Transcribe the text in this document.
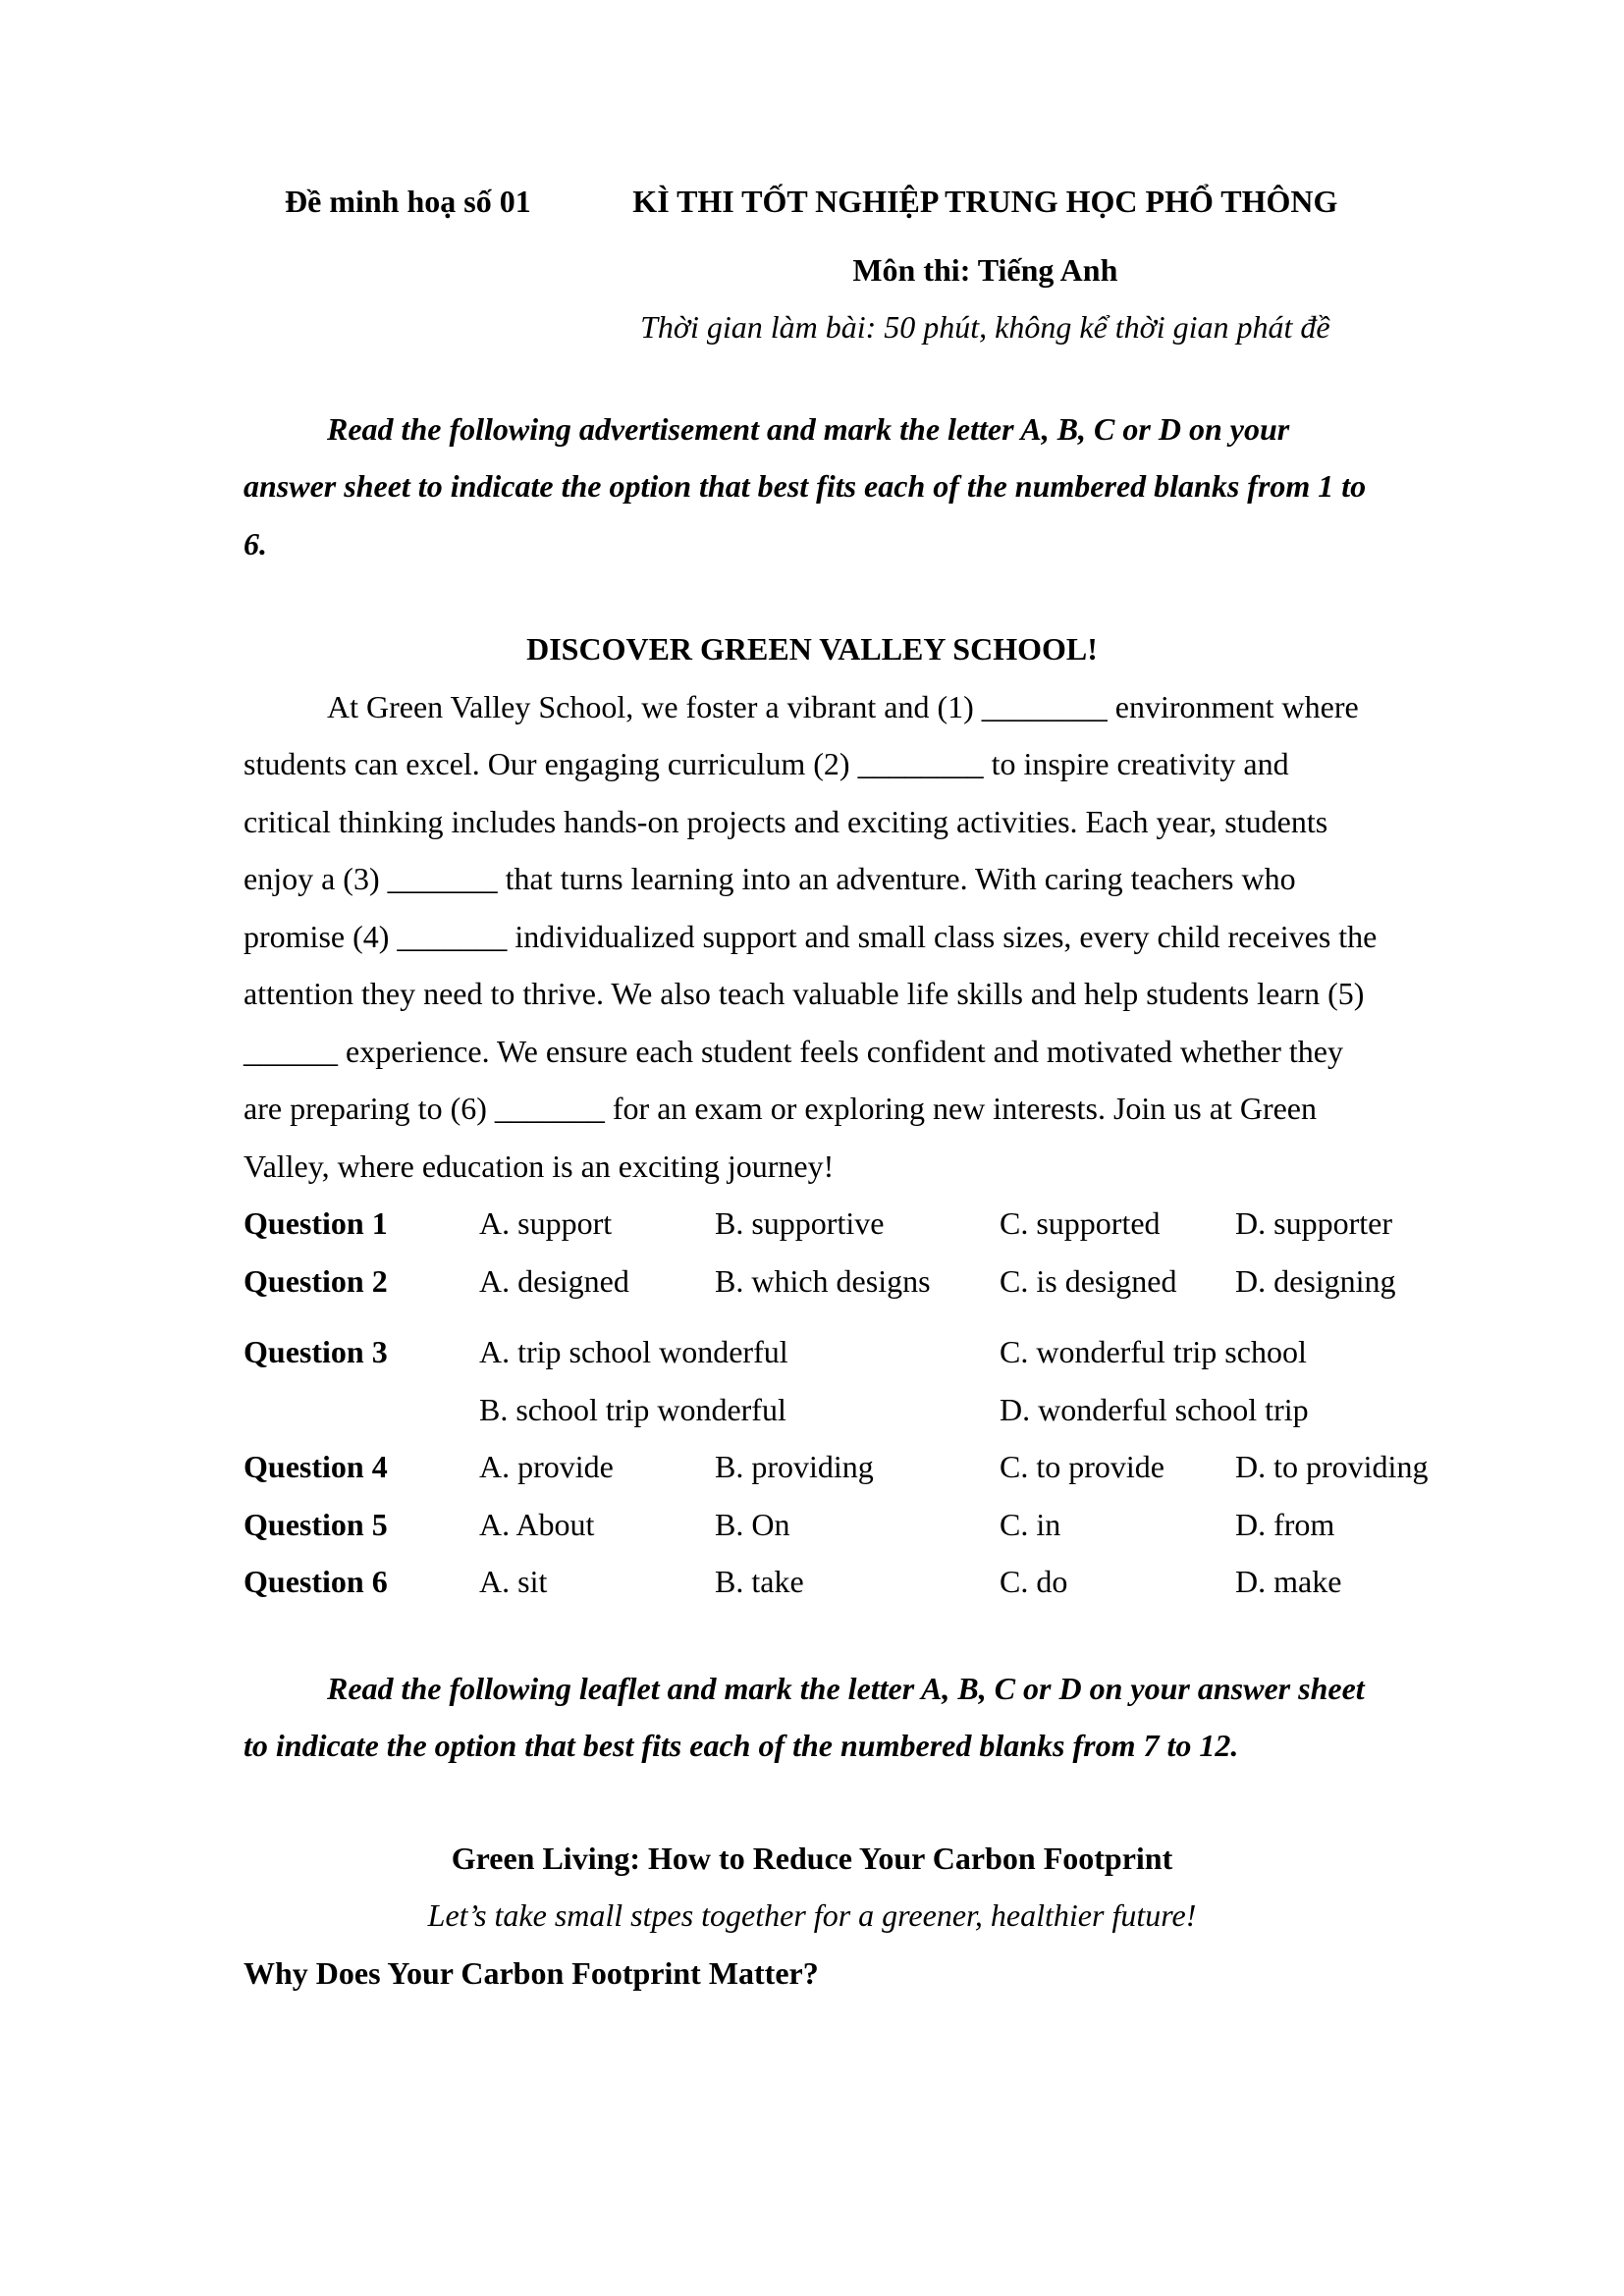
Đề minh hoạ số 01	KÌ THI TỐT NGHIỆP TRUNG HỌC PHỔ THÔNG
Môn thi: Tiếng Anh
Thời gian làm bài: 50 phút, không kể thời gian phát đề

Read the following advertisement and mark the letter A, B, C or D on your answer sheet to indicate the option that best fits each of the numbered blanks from 1 to 6.

DISCOVER GREEN VALLEY SCHOOL!

At Green Valley School, we foster a vibrant and (1) ________ environment where students can excel. Our engaging curriculum (2) ________ to inspire creativity and critical thinking includes hands-on projects and exciting activities. Each year, students enjoy a (3) _______ that turns learning into an adventure. With caring teachers who promise (4) _______ individualized support and small class sizes, every child receives the attention they need to thrive. We also teach valuable life skills and help students learn (5) ______ experience. We ensure each student feels confident and motivated whether they are preparing to (6) _______ for an exam or exploring new interests. Join us at Green Valley, where education is an exciting journey!

Question 1	A. support	B. supportive	C. supported	D. supporter
Question 2	A. designed	B. which designs	C. is designed	D. designing
Question 3	A. trip school wonderful	C. wonderful trip school
B. school trip wonderful	D. wonderful school trip
Question 4	A. provide	B. providing	C. to provide	D. to providing
Question 5	A. About	B. On	C. in	D. from
Question 6	A. sit	B. take	C. do	D. make

Read the following leaflet and mark the letter A, B, C or D on your answer sheet to indicate the option that best fits each of the numbered blanks from 7 to 12.

Green Living: How to Reduce Your Carbon Footprint

Let’s take small stpes together for a greener, healthier future!

Why Does Your Carbon Footprint Matter?
